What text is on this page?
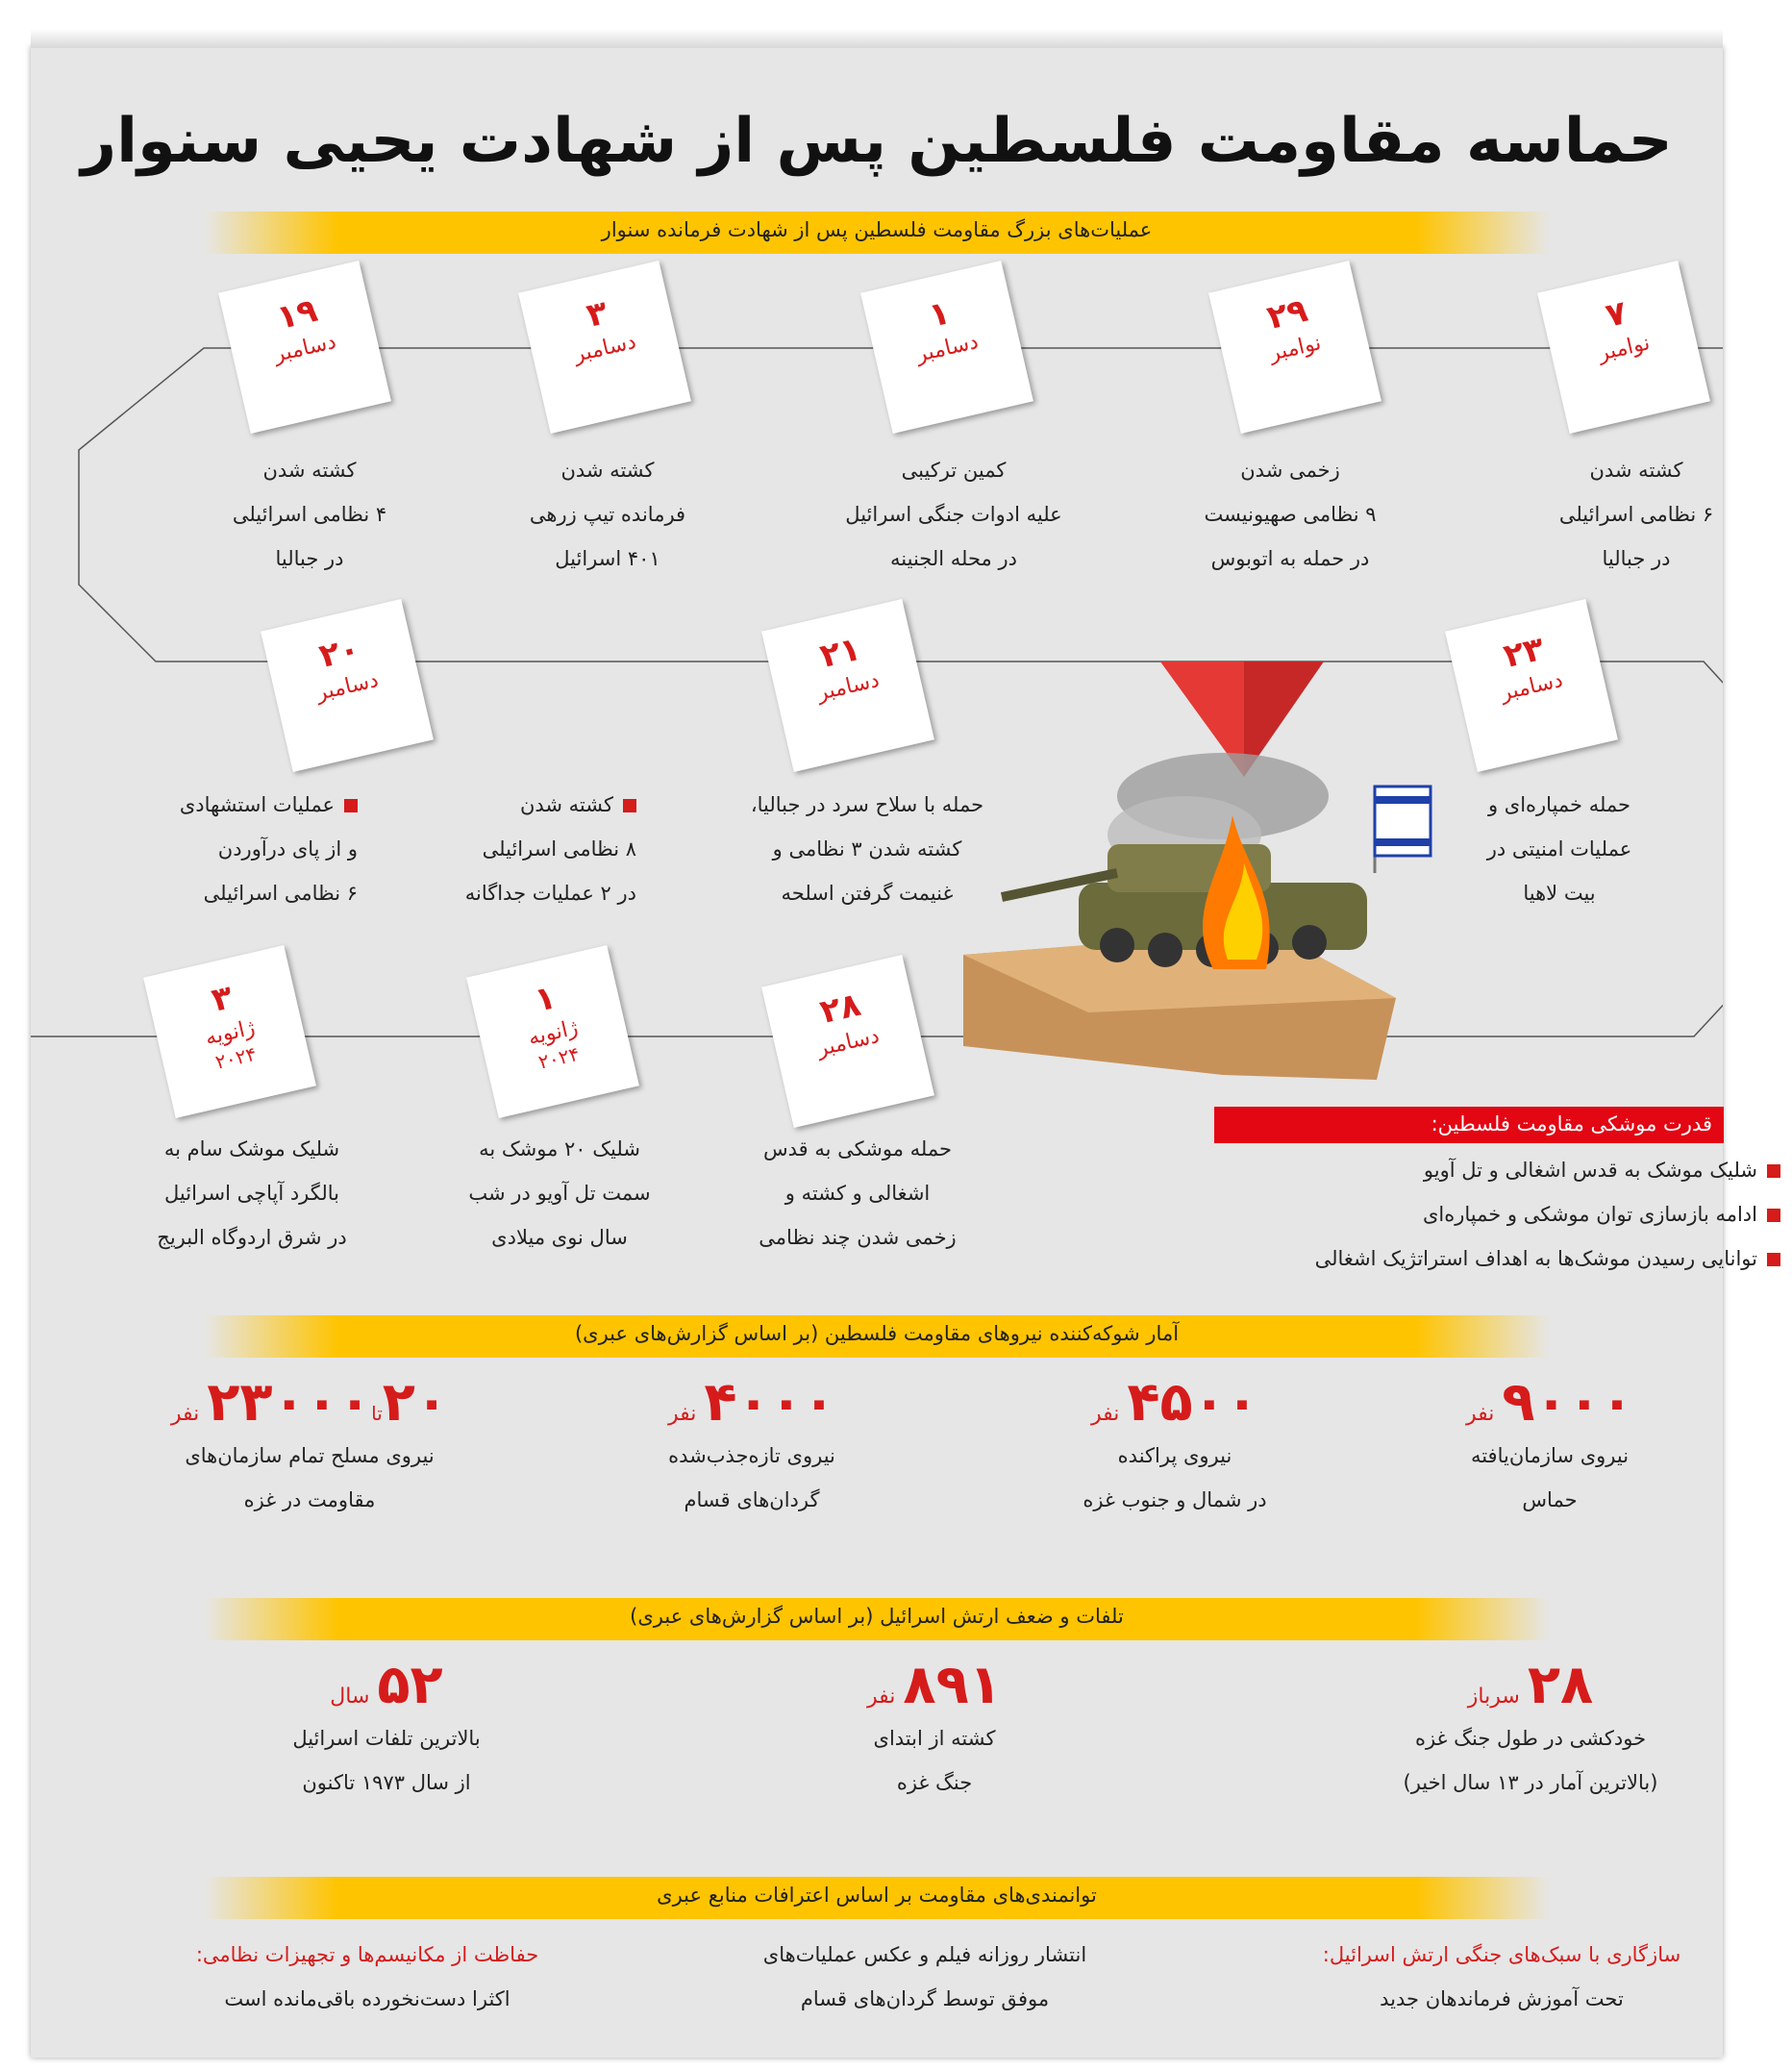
حماسه مقاومت فلسطین پس از شهادت یحیی سنوار
عملیات‌های بزرگ مقاومت فلسطین پس از شهادت فرمانده سنوار
۷
نوامبر
۲۹
نوامبر
۱
دسامبر
۳
دسامبر
۱۹
دسامبر
کشته شدن
۶ نظامی اسرائیلی
در جبالیا
زخمی شدن
۹ نظامی صهیونیست
در حمله به اتوبوس
کمین ترکیبی
علیه ادوات جنگی اسرائیل
در محله الجنینه
کشته شدن
فرمانده تیپ زرهی
۴۰۱ اسرائیل
کشته شدن
۴ نظامی اسرائیلی
در جبالیا
۲۳
دسامبر
۲۱
دسامبر
۲۰
دسامبر
حمله خمپاره‌ای و
عملیات امنیتی در
بیت لاهیا
حمله با سلاح سرد در جبالیا،
کشته شدن ۳ نظامی و
غنیمت گرفتن اسلحه
کشته شدن
۸ نظامی اسرائیلی
در ۲ عملیات جداگانه
عملیات استشهادی
و از پای درآوردن
۶ نظامی اسرائیلی
۲۸
دسامبر
۱
ژانویه
۲۰۲۴
۳
ژانویه
۲۰۲۴
حمله موشکی به قدس
اشغالی و کشته و
زخمی شدن چند نظامی
شلیک ۲۰ موشک به
سمت تل آویو در شب
سال نوی میلادی
شلیک موشک سام به
بالگرد آپاچی اسرائیل
در شرق اردوگاه البریج
قدرت موشکی مقاومت فلسطین:
شلیک موشک به قدس اشغالی و تل آویو
ادامه بازسازی توان موشکی و خمپاره‌ای
توانایی رسیدن موشک‌ها به اهداف استراتژیک اشغالی
آمار شوکه‌کننده نیروهای مقاومت فلسطین (بر اساس گزارش‌های عبری)
۹۰۰۰نفر
نیروی سازمان‌یافته
حماس
۴۵۰۰نفر
نیروی پراکنده
در شمال و جنوب غزه
۴۰۰۰نفر
نیروی تازه‌جذب‌شده
گردان‌های قسام
۲۰تا۲۳۰۰۰نفر
نیروی مسلح تمام سازمان‌های
مقاومت در غزه
تلفات و ضعف ارتش اسرائیل (بر اساس گزارش‌های عبری)
۲۸سرباز
خودکشی در طول جنگ غزه
(بالاترین آمار در ۱۳ سال اخیر)
۸۹۱نفر
کشته از ابتدای
جنگ غزه
۵۲سال
بالاترین تلفات اسرائیل
از سال ۱۹۷۳ تاکنون
توانمندی‌های مقاومت بر اساس اعترافات منابع عبری
سازگاری با سبک‌های جنگی ارتش اسرائیل:
تحت آموزش فرماندهان جدید
انتشار روزانه فیلم و عکس عملیات‌های
موفق توسط گردان‌های قسام
حفاظت از مکانیسم‌ها و تجهیزات نظامی:
اکثرا دست‌نخورده باقی‌مانده است
